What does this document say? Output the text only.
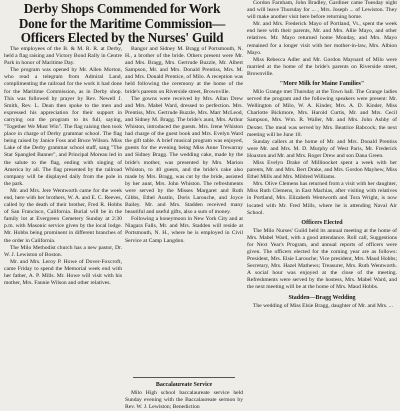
Derby Shops Commended for Work
Done for the Maritime Commission—
Officers Elected by the Nurses' Guild

The employees of the B. & M. R. R. at Derby, held a flag raising and Victory Bond Rally in Centre Park in honor of Maritime Day.

The program was opened by Mr. Allen Morton, who read a telegram from Admiral Land, complimenting the railroad for the work it had done for the Maritime Commission, as in Derby shop. This was followed by prayer by Rev. Newell J. Smith, Rev. L. Dean then spoke to the men and expressed his appreciation for their support in carrying out the program to its full, saying, "Together We Must Win". The flag raising then took place in charge of Derby grammar school. The flag being raised by Janice Foss and Bruce Wilson. Miss Lake of the Derby grammar school staff, sang "The Star Spangled Banner", and Principal Moreau led in the salute to the flag, ending with singing of America by all. The flag presented by the railroad company will be displayed daily from the pole in the park.

Mr. and Mrs. Jere Wentworth came for the week end, here with her brothers, W. A. and E. C. Reeves, called by the death of their brother, Fred R. Hobbs of San Francisco, California. Burial will be in the family lot at Evergreen Cemetery Sunday at 2:30 p.m. with Masonic service given by the local lodge. Mr. Hobbs being prominent in different branches of the order in California.

The Milo Methodist church has a new pastor, Dr. W. J. Lewiston of Boston.

Mr. and Mrs. Leroy P. Howe of Dover-Foxcroft, came Friday to spend the Memorial week end with her father, A. P. Mills. Mr. Howe will visit with his mother, Mrs. Fannie Wilson and other relatives.

Bangor and Sidney M. Bragg of Portsmouth, N. H., a brother of the bride. Others present were Mr. and Mrs. Bragg, Mrs. Gertrude Buzzle, Mr. Albert Sampson, Mr. and Mrs. Donald Prentiss, Mrs. M. and Mrs. Donald Prentice, of Milo. A reception was held following the ceremony at the home of the bride's parents on Riverside street, Brownville.

The gowns were received by Mrs. Allan Drew and Mrs. Mabel Ward, dressed to perfection. Mrs. Prentiss, Mrs. Gertrude Buzzle, Mrs. Marr McLeod, and Sidney M. Bragg. The bride's aunt, Mrs. Arthur Whiston, introduced the guests. Mrs. Irene Whiston had charge of the guest book and Mrs. Evelyn Ward the gift table. A brief musical program was enjoyed, guests for the evening being Miss Anne Trewarray and Sidney Bragg. The wedding cake, made by the bride's mother, was presented by Mrs. Marion Whiston, to 40 guests, and the bride's cake also made by Mrs. Bragg, was cut by the bride, assisted by her aunt, Mrs. John Whiston. The refreshments were served by the Misses Margaret and Ruth Gibbs, Ethel Austin, Doris Larouche, and Joyce Bailey. Mr. and Mrs. Stadden received many beautiful and useful gifts, also a sum of money.

Following a honeymoon in New York City and at Niagara Falls, Mr. and Mrs. Stadden will reside at Portsmouth, N. H., where he is employed in Civil Service at Camp Langdon.

Baccalaureate Service

Milo High school baccalaureate service held Sunday evening with the Baccalaureate sermon by Rev. W. J. Lewiston; Benediction

Gordon Farnham, John Bradley, Gardiner came Tuesday night and will leave Thursday for ... , Mrs. Joseph ... of Lewiston. They will make another visit here before returning home.

Mr. and Mrs. Frederick Mayo of Portland, Vt., spent the week end here with their parents, Mr. and Mrs. Allie Mayo, and other relatives. Mr. Mayo returned home Monday, and Mrs. Mayo remained for a longer visit with her mother-in-law, Mrs. Albion Mayo.

Miss Rebecca Adler and Mr. Gordon Maynard of Milo were married at the home of the bride's parents on Riverside street, Brownville.

"More Milk for Maine Families"

Milo Grange met Thursday at the Town hall. The Grange ladies served the program and the following speakers were present: Mr. Wellington of Milo, W. A. Kinder, Mrs. A. D. Kinder, Miss Charlotte Bickmore, Mrs. Harold Curtis, Mr. and Mrs. Cecil Sampson, Mrs. Wm. R. Waller, Mr. and Mrs. John Ashby of Dexter. The meal was served by Mrs. Beatrice Babcock; the next meeting will be June 10.

Sunday callers at the home of Mr. and Mrs. Donald Prentiss were Mr. and Mrs. M. D. Murphy of West Paris, Mr. Frederick Hoaxton and Mr. and Mrs. Roger Drew and son Dana Green.

Miss Evelyn Drake of Millinocket spent a week with her parents, Mr. and Mrs. Bert Drake, and Mrs. Gordon Mayhew, Miss Ethel Mills and Mrs. Mildred Williams.

Mrs. Olive Clemens has returned from a visit with her daughter, Miss Ruth Clemens, in East Machias, after visiting with relatives in Portland, Mrs. Elizabeth Wentworth and Tora Wright, is now located with Mr. Fred Mills, where he is attending Naval Air School.

Officers Elected

The Milo Nurses' Guild held its annual meeting at the home of Mrs. Mabel Ward, with a good attendance. Roll call, Suggestions for Next Year's Program, and annual reports of officers were given. The officers elected for the coming year are as follows: President, Mrs. Elsie Larouche; Vice president, Mrs. Maud Hobbs; Secretary, Mrs. Hazel Mathews; Treasurer, Mrs. Ruth Wentworth. A social hour was enjoyed at the close of the meeting. Refreshments were served by the hostess, Mrs. Mabel Ward, and the next meeting will be at the home of Mrs. Maud Hobbs.

Stadden—Bragg Wedding

The wedding of Miss Elsie Bragg, daughter of Mr. and Mrs. ...
